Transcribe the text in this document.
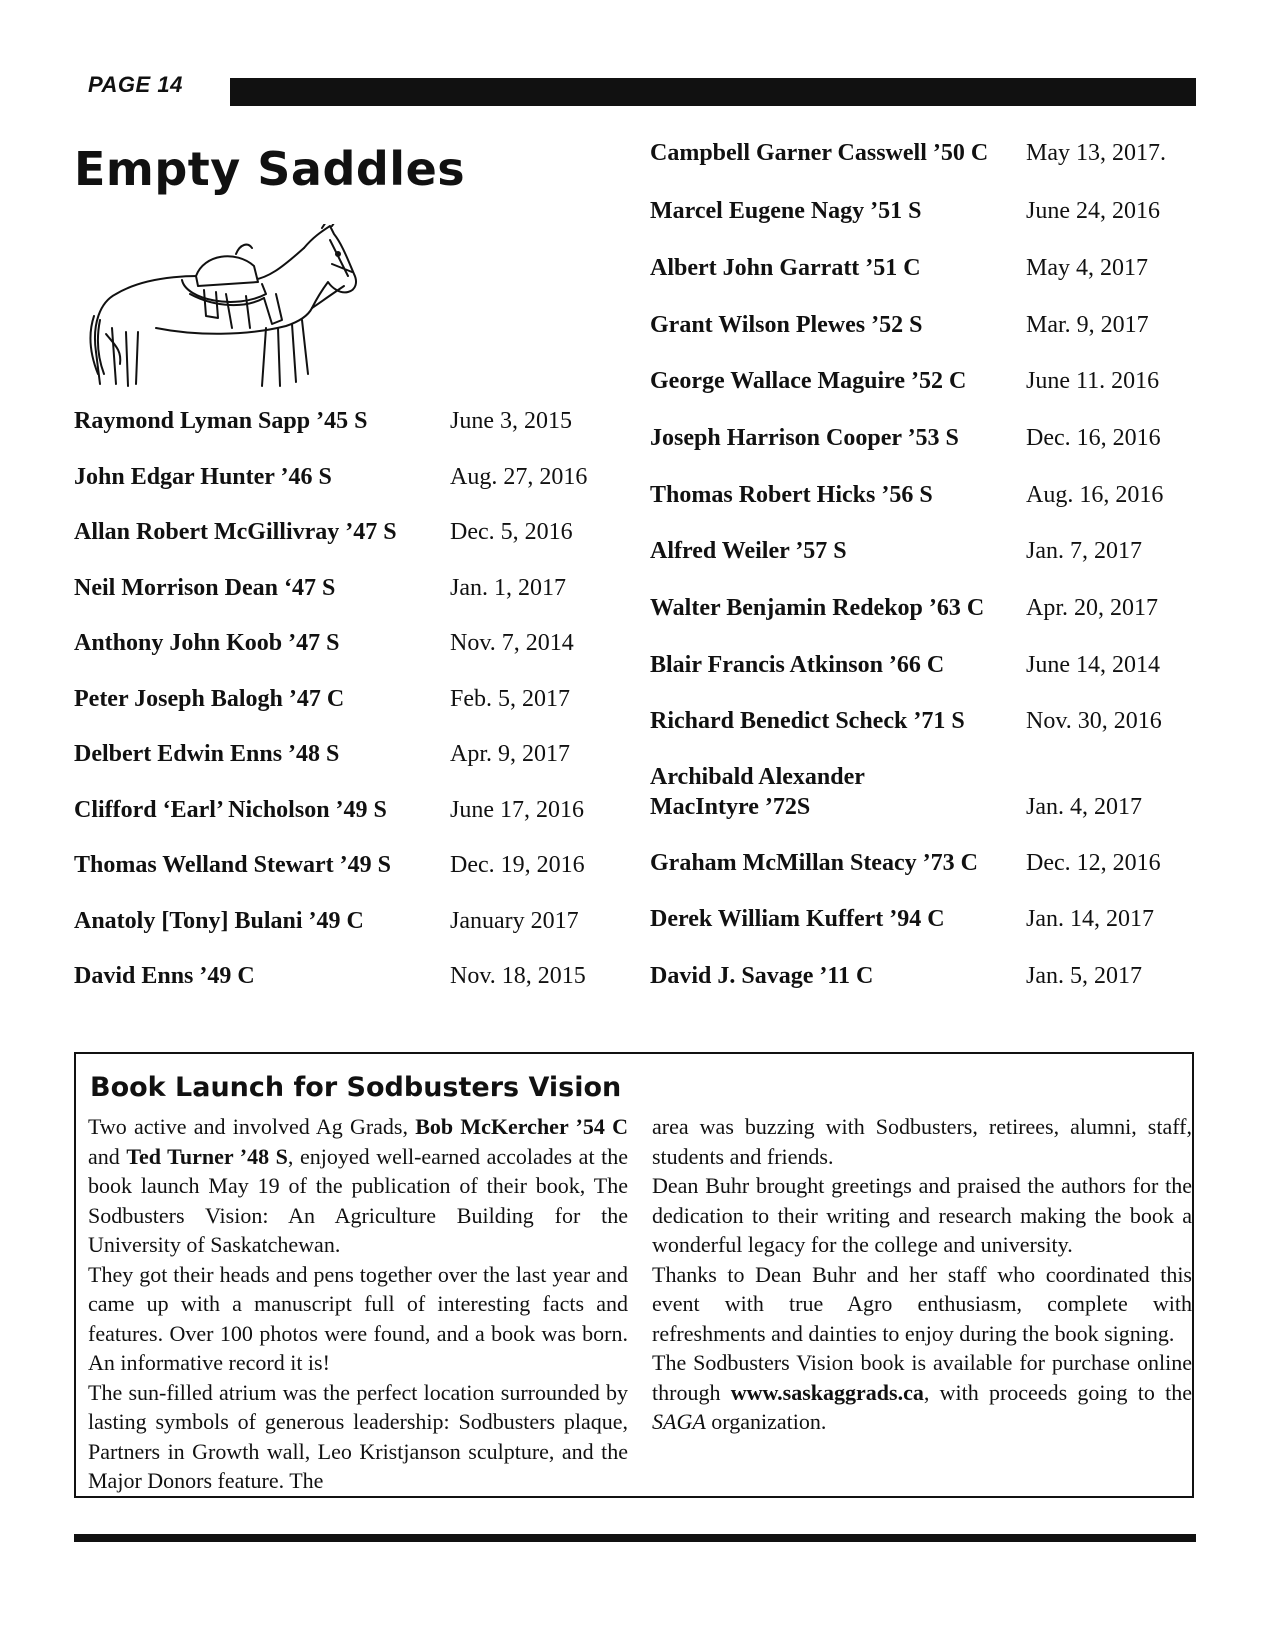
PAGE 14
Empty Saddles
Raymond Lyman Sapp ’45 S	June 3, 2015
John Edgar Hunter ’46 S	Aug. 27, 2016
Allan Robert McGillivray ’47 S Dec. 5, 2016
Neil Morrison Dean ‘47 S	Jan. 1, 2017
Anthony John Koob ’47 S	Nov. 7, 2014
Peter Joseph Balogh ’47 C	Feb. 5, 2017
Delbert Edwin Enns ’48 S	Apr. 9, 2017
Clifford ‘Earl’ Nicholson ’49 S	June 17, 2016
Thomas Welland Stewart ’49 S Dec. 19, 2016
Anatoly [Tony] Bulani ’49 C	January 2017
David Enns ’49 C	Nov. 18, 2015
Campbell Garner Casswell ’50 C May 13, 2017.
Marcel Eugene Nagy ’51 S	June 24, 2016
Albert John Garratt ’51 C	May 4, 2017
Grant Wilson Plewes ’52 S	Mar. 9, 2017
George Wallace Maguire ’52 C June 11. 2016
Joseph Harrison Cooper ’53 S	Dec. 16, 2016
Thomas Robert Hicks ’56 S	Aug. 16, 2016
Alfred Weiler ’57 S	Jan. 7, 2017
Walter Benjamin Redekop ’63 C Apr. 20, 2017
Blair Francis Atkinson ’66 C	June 14, 2014
Richard Benedict Scheck ’71 S	Nov. 30, 2016
Archibald Alexander
MacIntyre ’72S	Jan. 4, 2017
Graham McMillan Steacy ’73 C Dec. 12, 2016
Derek William Kuffert ’94 C	Jan. 14, 2017
David J. Savage ’11 C	Jan. 5, 2017
Book Launch for Sodbusters Vision

Two active and involved Ag Grads, Bob McKercher ’54 C and Ted Turner ’48 S, enjoyed well-earned accolades at the book launch May 19 of the publication of their book, The Sodbusters Vision: An Agriculture Building for the University of Saskatchewan.

They got their heads and pens together over the last year and came up with a manuscript full of interesting facts and features. Over 100 photos were found, and a book was born. An informative record it is!

The sun-filled atrium was the perfect location surrounded by lasting symbols of generous leadership: Sodbusters plaque, Partners in Growth wall, Leo Kristjanson sculpture, and the Major Donors feature. The

area was buzzing with Sodbusters, retirees, alumni, staff, students and friends.

Dean Buhr brought greetings and praised the authors for the dedication to their writing and research making the book a wonderful legacy for the college and university.

Thanks to Dean Buhr and her staff who coordinated this event with true Agro enthusiasm, complete with refreshments and dainties to enjoy during the book signing.

The Sodbusters Vision book is available for purchase online through www.saskaggrads.ca, with proceeds going to the SAGA organization.
